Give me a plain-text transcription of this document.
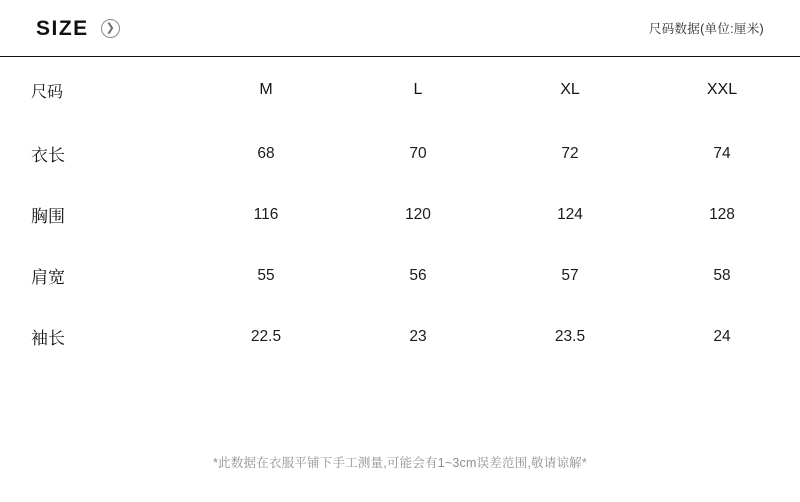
SIZE	❯	尺码数据(单位:厘米)
尺码	M	L	XL	XXL
衣长	68	70	72	74
胸围	116	120	124	128
肩宽	55	56	57	58
袖长	22.5	23	23.5	24
*此数据在衣服平铺下手工测量,可能会有1~3cm误差范围,敬请谅解*
